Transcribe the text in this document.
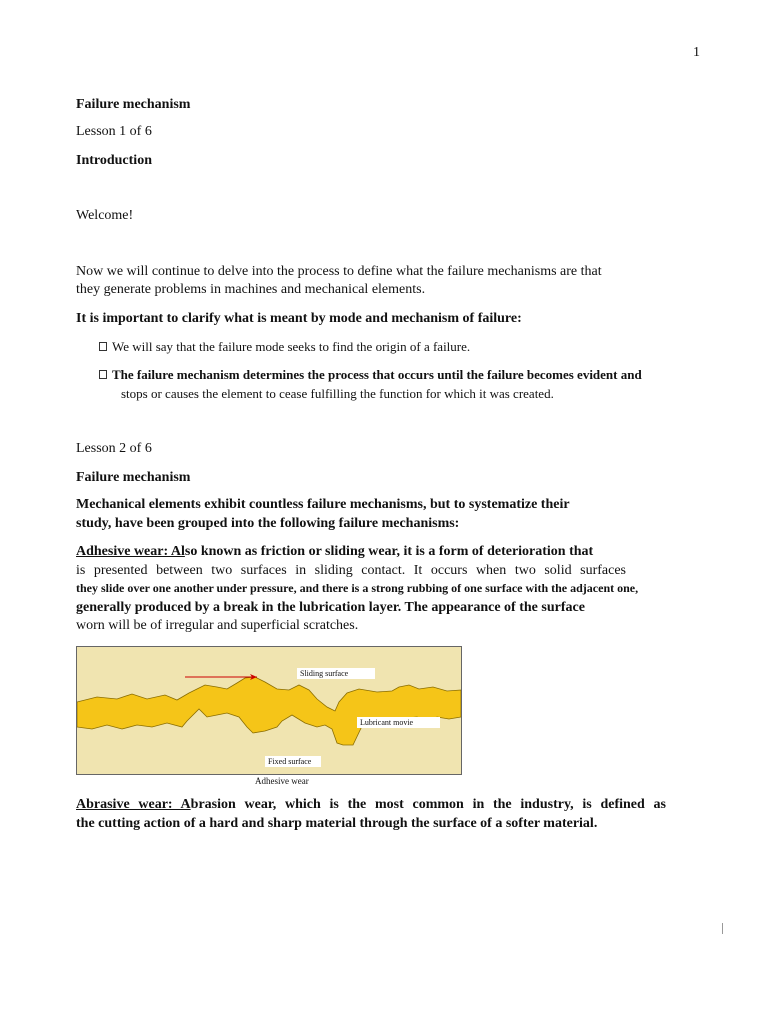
1
Failure mechanism
Lesson 1 of 6
Introduction
Welcome!
Now we will continue to delve into the process to define what the failure mechanisms are that
they generate problems in machines and mechanical elements.
It is important to clarify what is meant by mode and mechanism of failure:
We will say that the failure mode seeks to find the origin of a failure.
The failure mechanism determines the process that occurs until the failure becomes evident and
stops or causes the element to cease fulfilling the function for which it was created.
Lesson 2 of 6
Failure mechanism
Mechanical elements exhibit countless failure mechanisms, but to systematize their
study, have been grouped into the following failure mechanisms:
Adhesive wear: Also known as friction or sliding wear, it is a form of deterioration that
is presented between two surfaces in sliding contact. It occurs when two solid surfaces
they slide over one another under pressure, and there is a strong rubbing of one surface with the adjacent one,
generally produced by a break in the lubrication layer. The appearance of the surface
worn will be of irregular and superficial scratches.
Sliding surface
Lubricant movie
Fixed surface
Adhesive wear
Abrasive wear: Abrasion wear, which is the most common in the industry, is defined as
the cutting action of a hard and sharp material through the surface of a softer material.
